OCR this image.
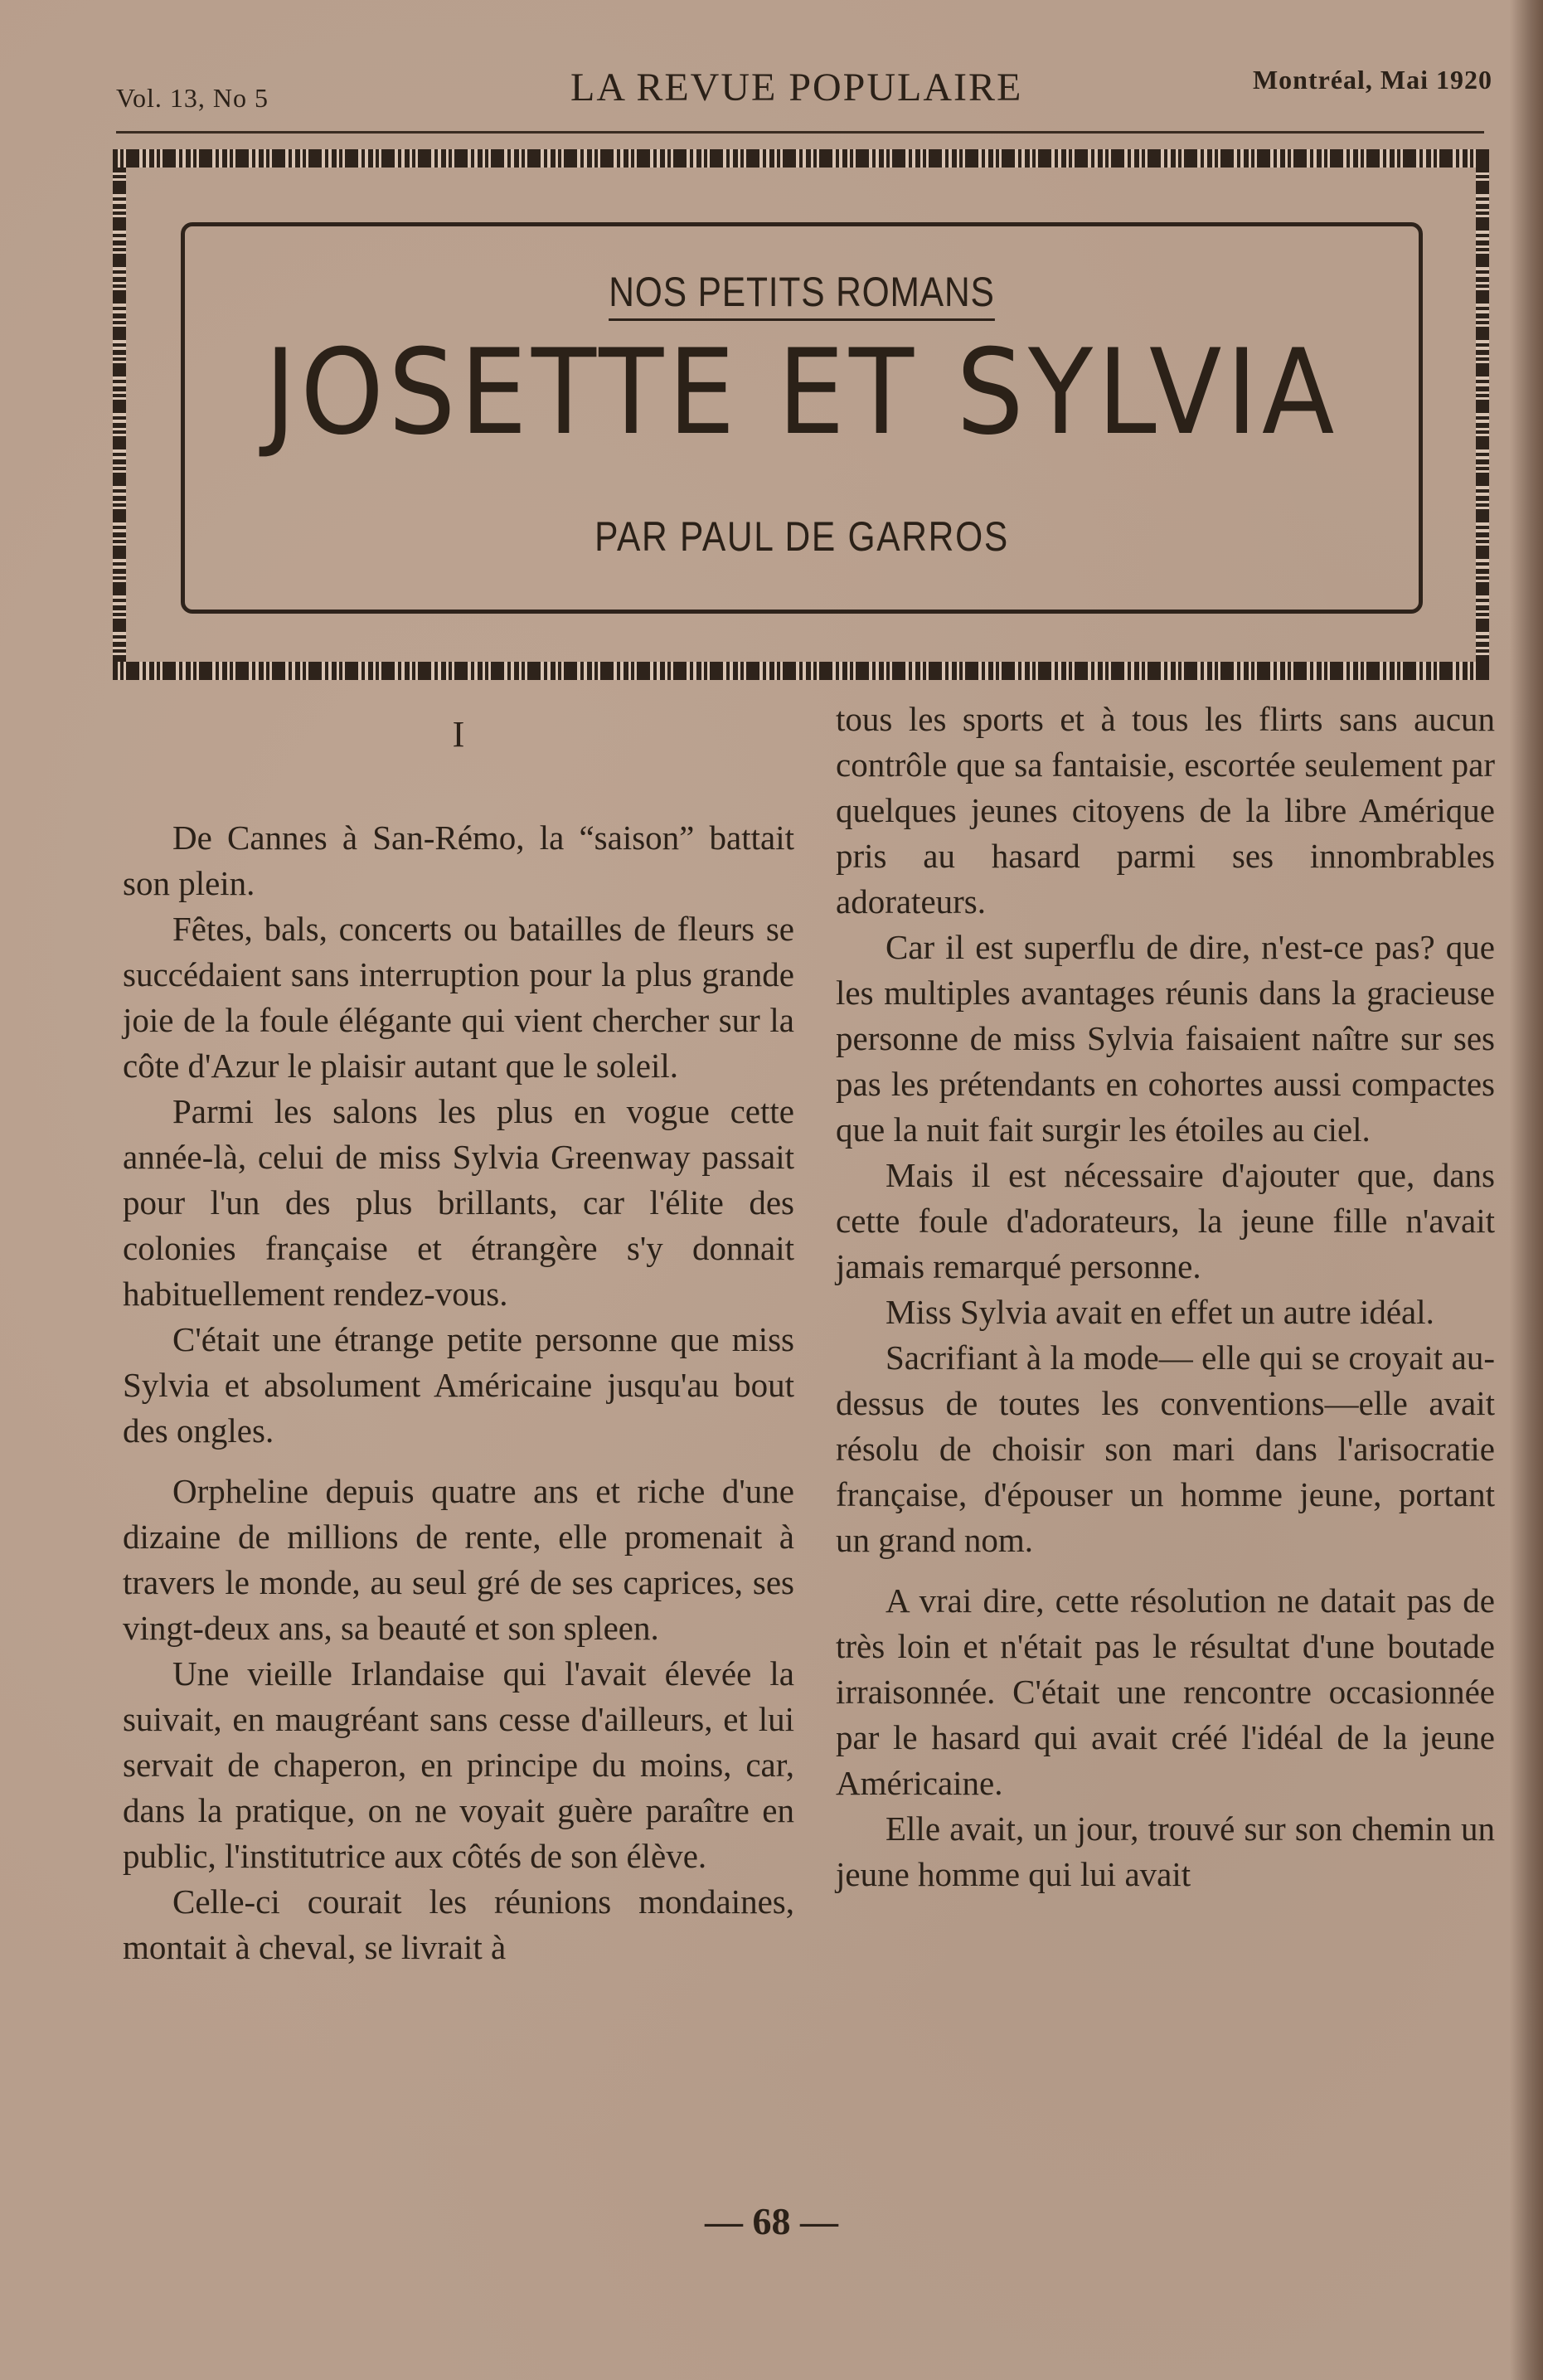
Vol. 13, No 5	LA REVUE POPULAIRE	Montréal, Mai 1920
NOS PETITS ROMANS
JOSETTE ET SYLVIA
PAR PAUL DE GARROS
I

De Cannes à San-Rémo, la “saison” battait son plein.

Fêtes, bals, concerts ou batailles de fleurs se succédaient sans interruption pour la plus grande joie de la foule élégante qui vient chercher sur la côte d'Azur le plaisir autant que le soleil.

Parmi les salons les plus en vogue cette année-là, celui de miss Sylvia Greenway passait pour l'un des plus brillants, car l'élite des colonies française et étrangère s'y donnait habituellement rendez-vous.

C'était une étrange petite personne que miss Sylvia et absolument Américaine jusqu'au bout des ongles.

Orpheline depuis quatre ans et riche d'une dizaine de millions de rente, elle promenait à travers le monde, au seul gré de ses caprices, ses vingt-deux ans, sa beauté et son spleen.

Une vieille Irlandaise qui l'avait élevée la suivait, en maugréant sans cesse d'ailleurs, et lui servait de chaperon, en principe du moins, car, dans la pratique, on ne voyait guère paraître en public, l'institutrice aux côtés de son élève.

Celle-ci courait les réunions mondaines, montait à cheval, se livrait à

tous les sports et à tous les flirts sans aucun contrôle que sa fantaisie, escortée seulement par quelques jeunes citoyens de la libre Amérique pris au hasard parmi ses innombrables adorateurs.

Car il est superflu de dire, n'est-ce pas? que les multiples avantages réunis dans la gracieuse personne de miss Sylvia faisaient naître sur ses pas les prétendants en cohortes aussi compactes que la nuit fait surgir les étoiles au ciel.

Mais il est nécessaire d'ajouter que, dans cette foule d'adorateurs, la jeune fille n'avait jamais remarqué personne.

Miss Sylvia avait en effet un autre idéal.

Sacrifiant à la mode— elle qui se croyait au-dessus de toutes les conventions—elle avait résolu de choisir son mari dans l'arisocratie française, d'épouser un homme jeune, portant un grand nom.

A vrai dire, cette résolution ne datait pas de très loin et n'était pas le résultat d'une boutade irraisonnée. C'était une rencontre occasionnée par le hasard qui avait créé l'idéal de la jeune Américaine.

Elle avait, un jour, trouvé sur son chemin un jeune homme qui lui avait

— 68 —
